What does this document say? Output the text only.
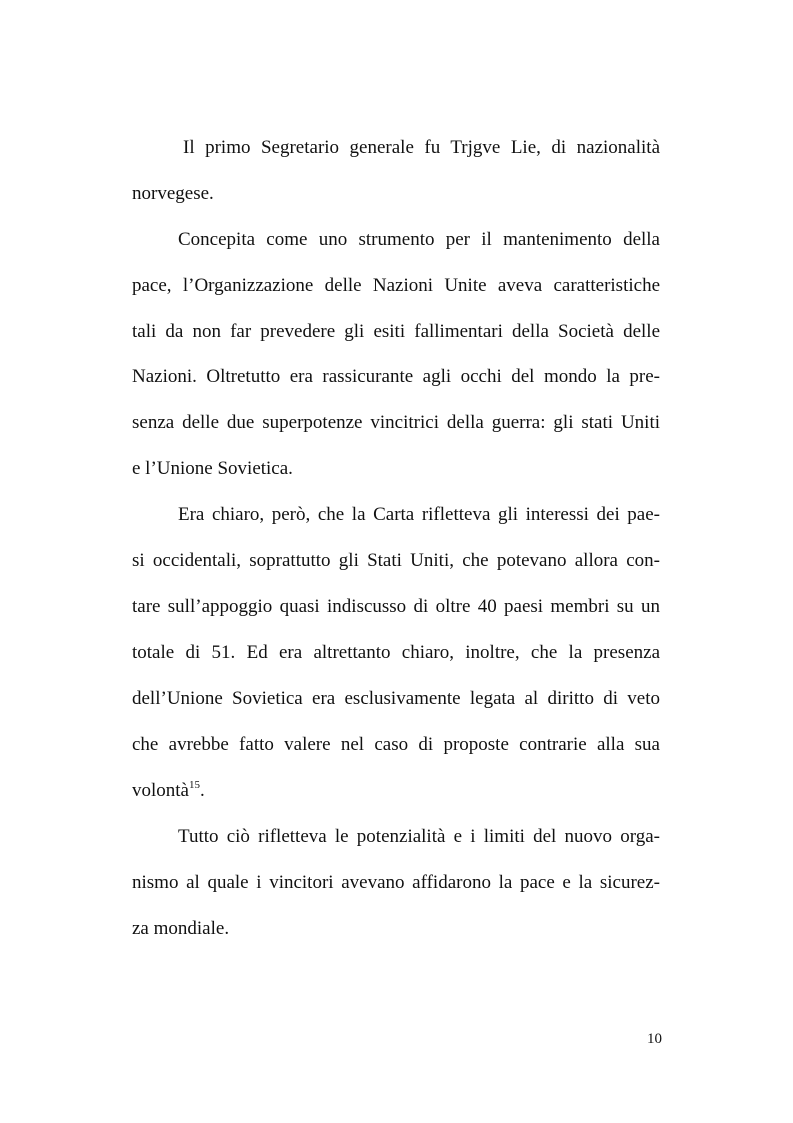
Il primo Segretario generale fu Trjgve Lie, di nazionalità
norvegese.
Concepita come uno strumento per il mantenimento della
pace, l’Organizzazione delle Nazioni Unite aveva caratteristiche
tali da non far prevedere gli esiti fallimentari della Società delle
Nazioni. Oltretutto era rassicurante agli occhi del mondo la pre-
senza delle due superpotenze vincitrici della guerra: gli stati Uniti
e l’Unione Sovietica.
Era chiaro, però, che la Carta rifletteva gli interessi dei pae-
si occidentali, soprattutto gli Stati Uniti, che potevano allora con-
tare sull’appoggio quasi indiscusso di oltre 40 paesi membri su un
totale di 51. Ed era altrettanto chiaro, inoltre, che la presenza
dell’Unione Sovietica era esclusivamente legata al diritto di veto
che avrebbe fatto valere nel caso di proposte contrarie alla sua
volontà$^{15}$.
Tutto ciò rifletteva le potenzialità e i limiti del nuovo orga-
nismo al quale i vincitori avevano affidarono la pace e la sicurez-
za mondiale.
10
